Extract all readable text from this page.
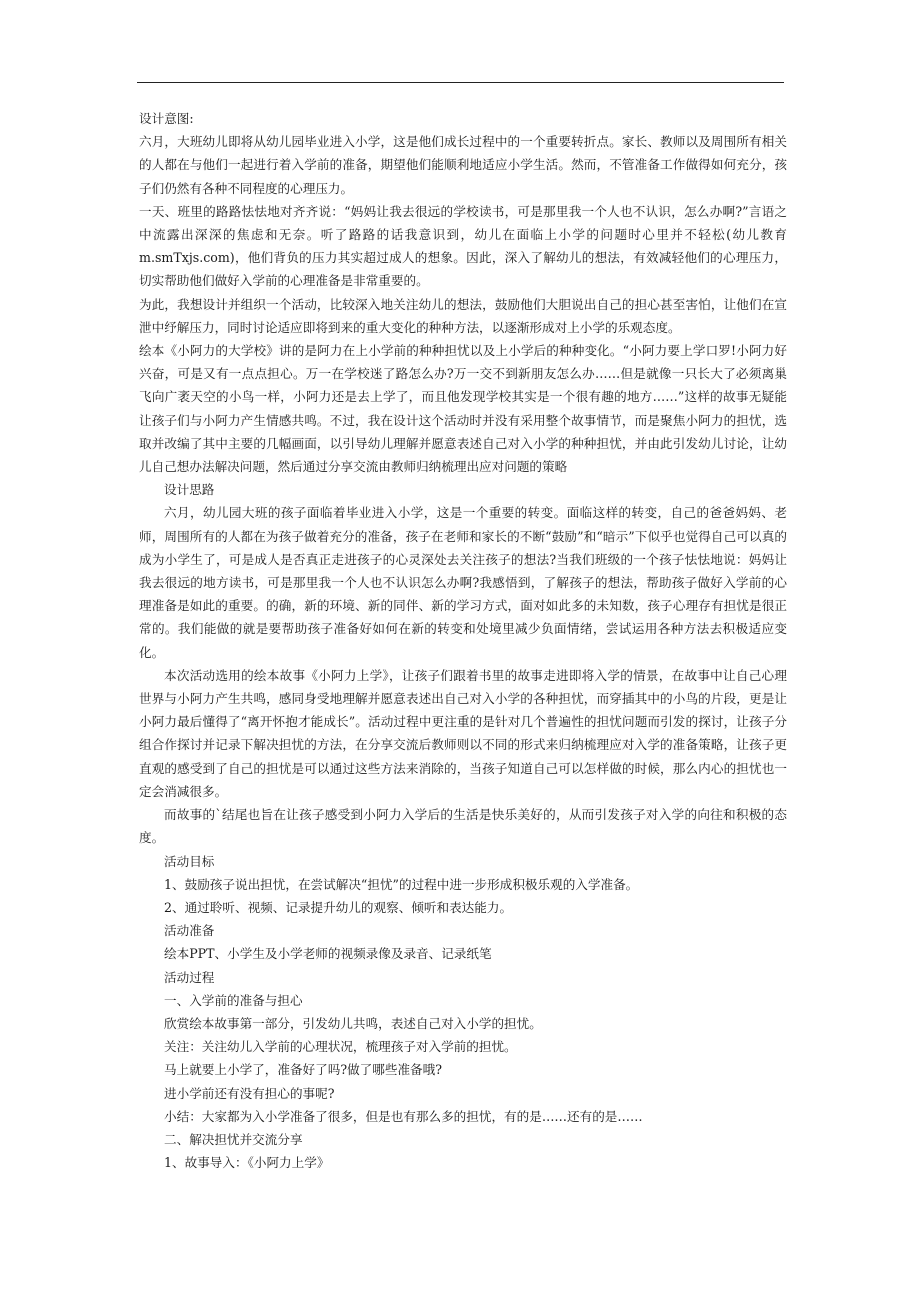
设计意图:

六月，大班幼儿即将从幼儿园毕业进入小学，这是他们成长过程中的一个重要转折点。家长、教师以及周围所有相关的人都在与他们一起进行着入学前的准备，期望他们能顺利地适应小学生活。然而，不管准备工作做得如何充分，孩子们仍然有各种不同程度的心理压力。

一天、班里的路路怯怯地对齐齐说：“妈妈让我去很远的学校读书，可是那里我一个人也不认识，怎么办啊?”言语之中流露出深深的焦虑和无奈。听了路路的话我意识到，幼儿在面临上小学的问题时心里并不轻松(幼儿教育m.smTxjs.com)，他们背负的压力其实超过成人的想象。因此，深入了解幼儿的想法，有效减轻他们的心理压力，切实帮助他们做好入学前的心理准备是非常重要的。

为此，我想设计并组织一个活动，比较深入地关注幼儿的想法，鼓励他们大胆说出自己的担心甚至害怕，让他们在宣泄中纾解压力，同时讨论适应即将到来的重大变化的种种方法，以逐渐形成对上小学的乐观态度。

绘本《小阿力的大学校》讲的是阿力在上小学前的种种担忧以及上小学后的种种变化。“小阿力要上学口罗!小阿力好兴奋，可是又有一点点担心。万一在学校迷了路怎么办?万一交不到新朋友怎么办……但是就像一只长大了必须离巢飞向广袤天空的小鸟一样，小阿力还是去上学了，而且他发现学校其实是一个很有趣的地方……”这样的故事无疑能让孩子们与小阿力产生情感共鸣。不过，我在设计这个活动时并没有采用整个故事情节，而是聚焦小阿力的担忧，选取并改编了其中主要的几幅画面，以引导幼儿理解并愿意表述自己对入小学的种种担忧，并由此引发幼儿讨论，让幼儿自己想办法解决问题，然后通过分享交流由教师归纳梳理出应对问题的策略

设计思路

六月，幼儿园大班的孩子面临着毕业进入小学，这是一个重要的转变。面临这样的转变，自己的爸爸妈妈、老师，周围所有的人都在为孩子做着充分的准备，孩子在老师和家长的不断“鼓励”和“暗示”下似乎也觉得自己可以真的成为小学生了，可是成人是否真正走进孩子的心灵深处去关注孩子的想法?当我们班级的一个孩子怯怯地说：妈妈让我去很远的地方读书，可是那里我一个人也不认识怎么办啊?我感悟到，了解孩子的想法，帮助孩子做好入学前的心理准备是如此的重要。的确，新的环境、新的同伴、新的学习方式，面对如此多的未知数，孩子心理存有担忧是很正常的。我们能做的就是要帮助孩子准备好如何在新的转变和处境里减少负面情绪，尝试运用各种方法去积极适应变化。

本次活动选用的绘本故事《小阿力上学》，让孩子们跟着书里的故事走进即将入学的情景，在故事中让自己心理世界与小阿力产生共鸣，感同身受地理解并愿意表述出自己对入小学的各种担忧，而穿插其中的小鸟的片段，更是让小阿力最后懂得了“离开怀抱才能成长”。活动过程中更注重的是针对几个普遍性的担忧问题而引发的探讨，让孩子分组合作探讨并记录下解决担忧的方法，在分享交流后教师则以不同的形式来归纳梳理应对入学的准备策略，让孩子更直观的感受到了自己的担忧是可以通过这些方法来消除的，当孩子知道自己可以怎样做的时候，那么内心的担忧也一定会消减很多。

而故事的`结尾也旨在让孩子感受到小阿力入学后的生活是快乐美好的，从而引发孩子对入学的向往和积极的态度。

活动目标

1、鼓励孩子说出担忧，在尝试解决“担忧”的过程中进一步形成积极乐观的入学准备。

2、通过聆听、视频、记录提升幼儿的观察、倾听和表达能力。

活动准备

绘本PPT、小学生及小学老师的视频录像及录音、记录纸笔

活动过程

一、入学前的准备与担心

欣赏绘本故事第一部分，引发幼儿共鸣，表述自己对入小学的担忧。

关注：关注幼儿入学前的心理状况，梳理孩子对入学前的担忧。

马上就要上小学了，准备好了吗?做了哪些准备哦?

进小学前还有没有担心的事呢?

小结：大家都为入小学准备了很多，但是也有那么多的担忧，有的是……还有的是……

二、解决担忧并交流分享

1、故事导入：《小阿力上学》
